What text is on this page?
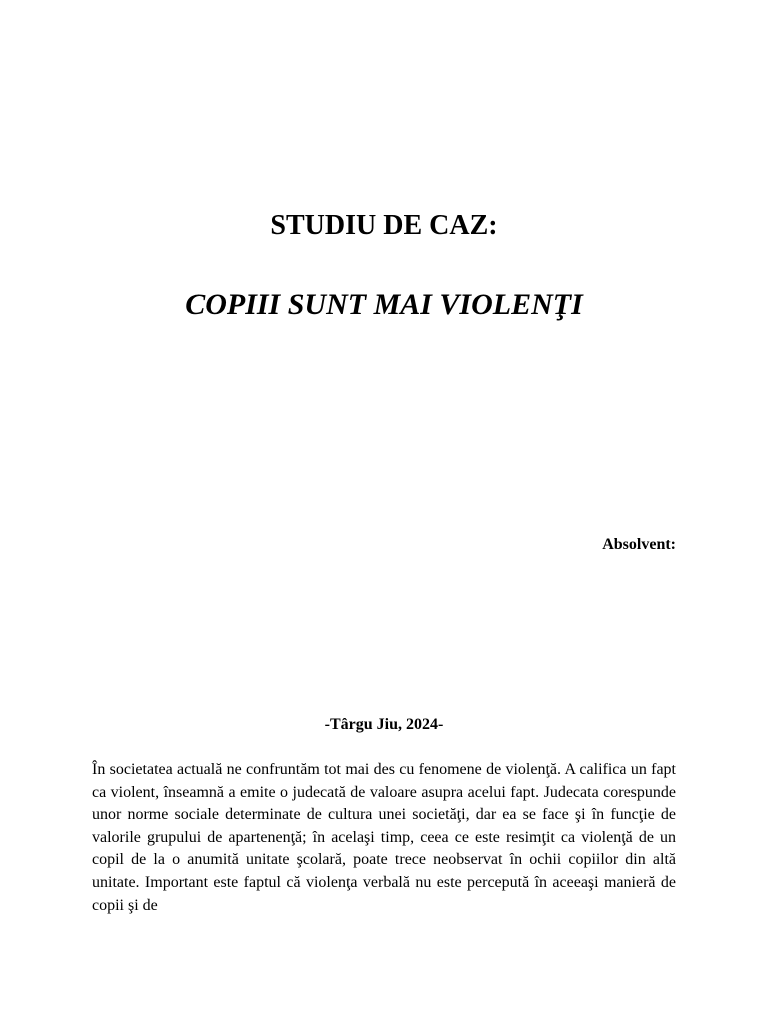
STUDIU DE CAZ:
COPIII SUNT MAI VIOLENŢI

Absolvent:

-Târgu Jiu, 2024-

În societatea actuală ne confruntăm tot mai des cu fenomene de violenţă. A califica un fapt ca violent, înseamnă a emite o judecată de valoare asupra acelui fapt. Judecata corespunde unor norme sociale determinate de cultura unei societăţi, dar ea se face şi în funcţie de valorile grupului de apartenenţă; în acelaşi timp, ceea ce este resimţit ca violenţă de un copil de la o anumită unitate şcolară, poate trece neobservat în ochii copiilor din altă unitate. Important este faptul că violenţa verbală nu este percepută în aceeaşi manieră de copii şi de
